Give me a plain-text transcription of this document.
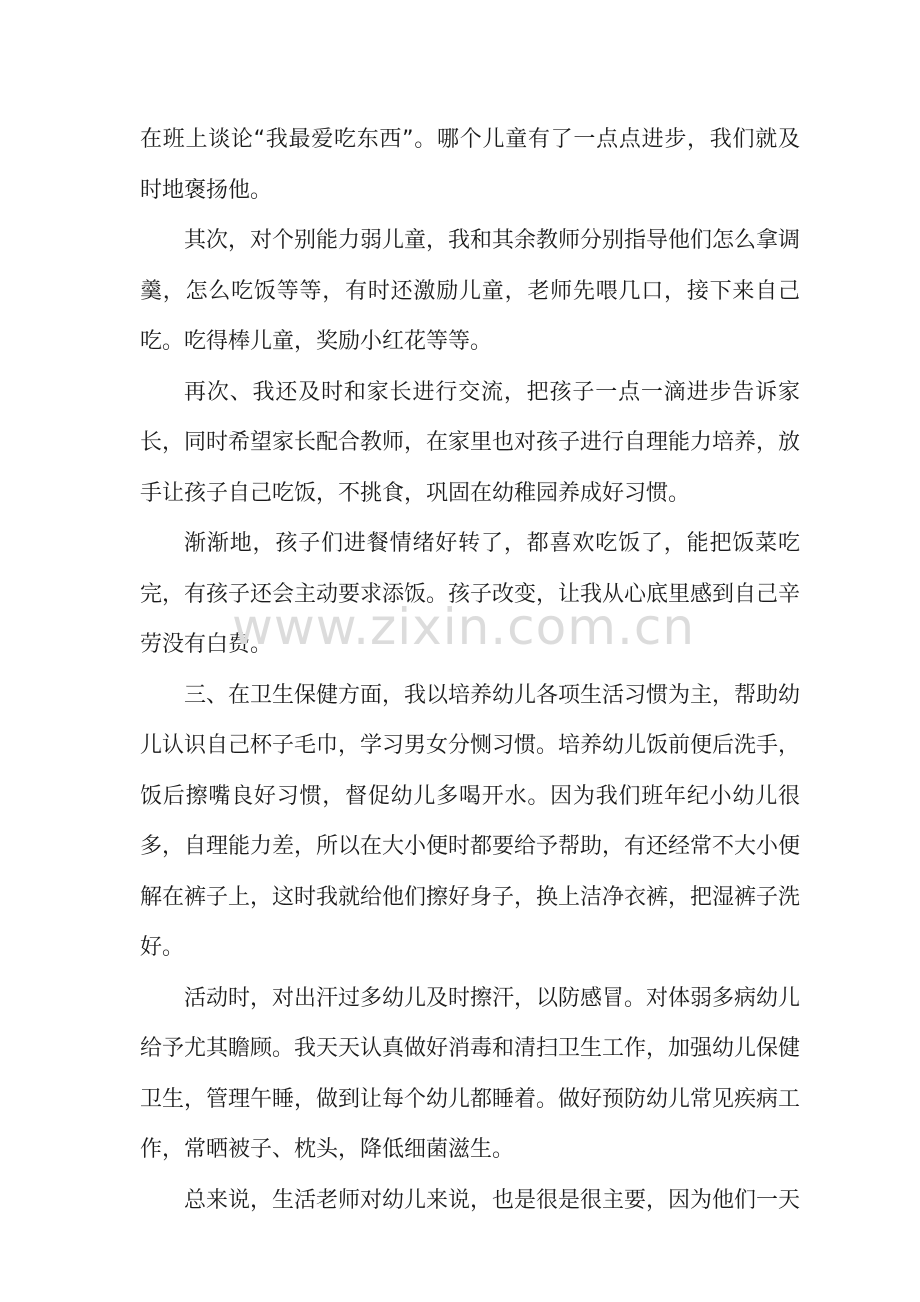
在班上谈论“我最爱吃东西”。哪个儿童有了一点点进步，我们就及时地褒扬他。

其次，对个别能力弱儿童，我和其余教师分别指导他们怎么拿调羹，怎么吃饭等等，有时还激励儿童，老师先喂几口，接下来自己吃。吃得棒儿童，奖励小红花等等。

再次、我还及时和家长进行交流，把孩子一点一滴进步告诉家长，同时希望家长配合教师，在家里也对孩子进行自理能力培养，放手让孩子自己吃饭，不挑食，巩固在幼稚园养成好习惯。

渐渐地，孩子们进餐情绪好转了，都喜欢吃饭了，能把饭菜吃完，有孩子还会主动要求添饭。孩子改变，让我从心底里感到自己辛劳没有白费。

三、在卫生保健方面，我以培养幼儿各项生活习惯为主，帮助幼儿认识自己杯子毛巾，学习男女分恻习惯。培养幼儿饭前便后洗手，饭后擦嘴良好习惯，督促幼儿多喝开水。因为我们班年纪小幼儿很多，自理能力差，所以在大小便时都要给予帮助，有还经常不大小便解在裤子上，这时我就给他们擦好身子，换上洁净衣裤，把湿裤子洗好。

活动时，对出汗过多幼儿及时擦汗，以防感冒。对体弱多病幼儿给予尤其瞻顾。我天天认真做好消毒和清扫卫生工作，加强幼儿保健卫生，管理午睡，做到让每个幼儿都睡着。做好预防幼儿常见疾病工作，常晒被子、枕头，降低细菌滋生。

总来说，生活老师对幼儿来说，也是很是很主要，因为他们一天

www.zixin.com.cn
